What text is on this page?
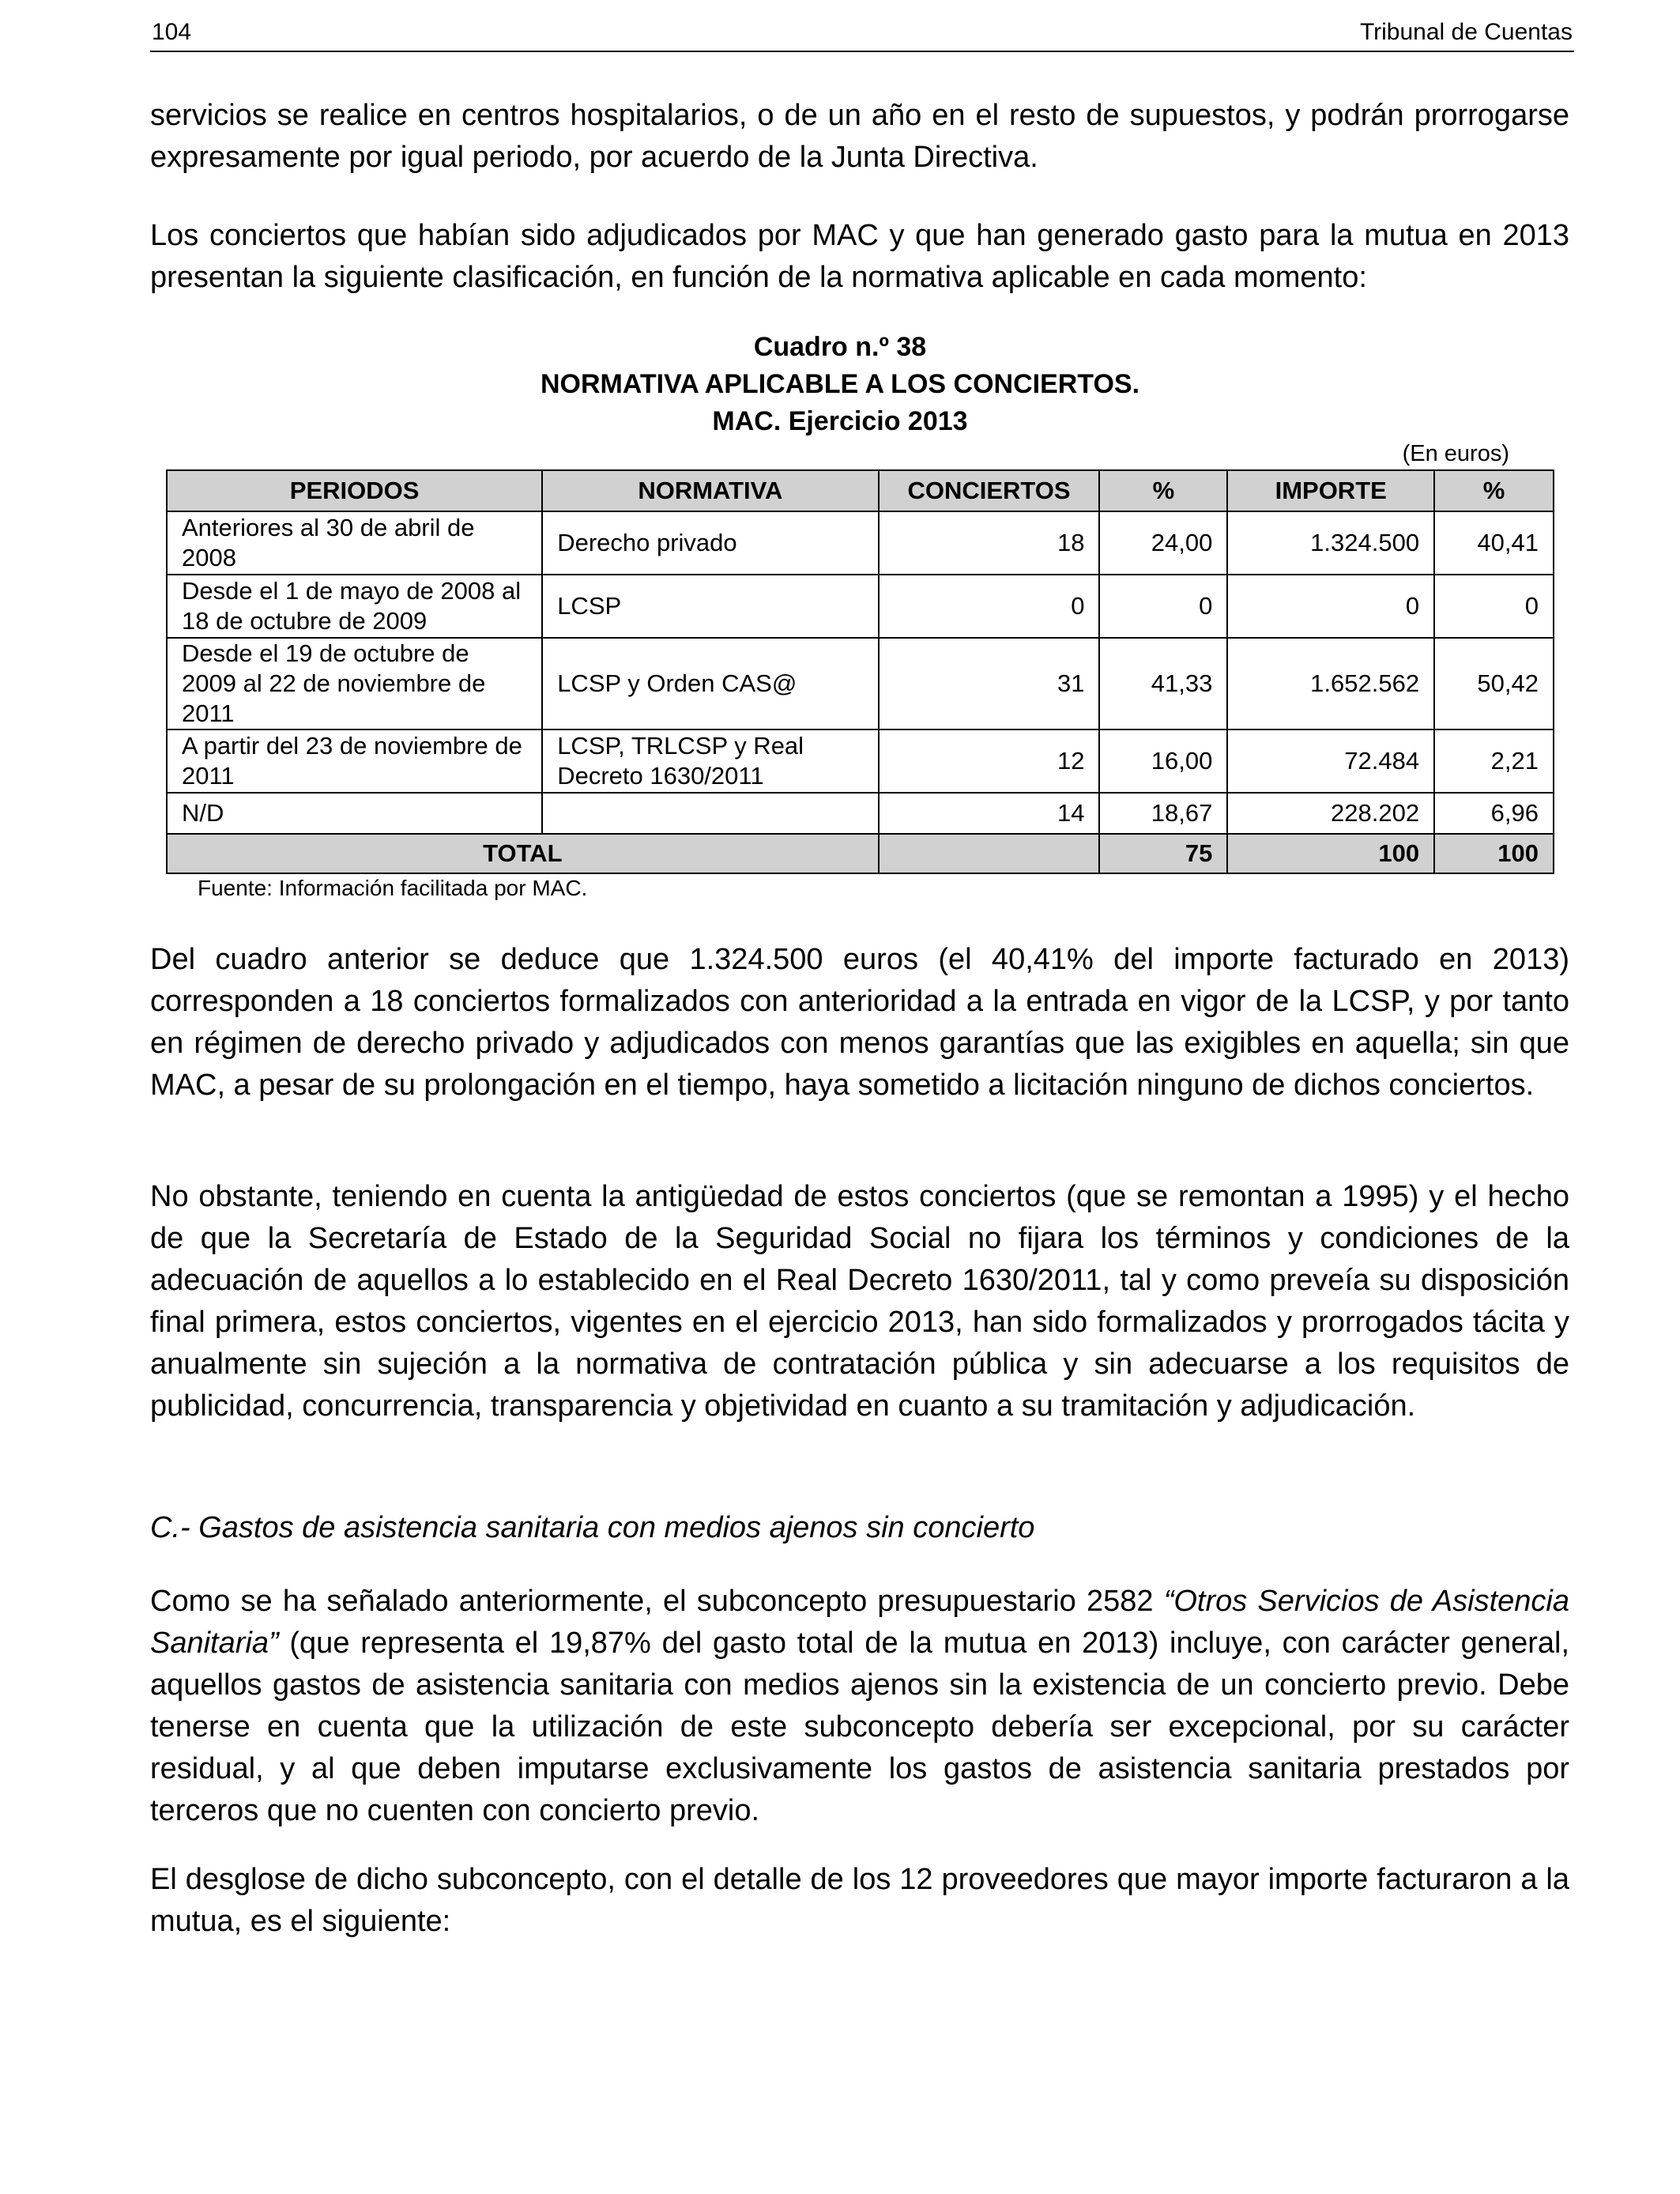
104	Tribunal de Cuentas

servicios se realice en centros hospitalarios, o de un año en el resto de supuestos, y podrán prorrogarse expresamente por igual periodo, por acuerdo de la Junta Directiva.

Los conciertos que habían sido adjudicados por MAC y que han generado gasto para la mutua en 2013 presentan la siguiente clasificación, en función de la normativa aplicable en cada momento:

Cuadro n.º 38
NORMATIVA APLICABLE A LOS CONCIERTOS.
MAC. Ejercicio 2013
(En euros)
PERIODOS	NORMATIVA	CONCIERTOS	%	IMPORTE	%
Anteriores al 30 de abril de 2008	Derecho privado	18	24,00	1.324.500	40,41
Desde el 1 de mayo de 2008 al 18 de octubre de 2009	LCSP	0	0	0	0
Desde el 19 de octubre de 2009 al 22 de noviembre de 2011	LCSP y Orden CAS@	31	41,33	1.652.562	50,42
A partir del 23 de noviembre de 2011	LCSP, TRLCSP y Real Decreto 1630/2011	12	16,00	72.484	2,21
N/D		14	18,67	228.202	6,96
TOTAL			75	100	100
Fuente: Información facilitada por MAC.

Del cuadro anterior se deduce que 1.324.500 euros (el 40,41% del importe facturado en 2013) corresponden a 18 conciertos formalizados con anterioridad a la entrada en vigor de la LCSP, y por tanto en régimen de derecho privado y adjudicados con menos garantías que las exigibles en aquella; sin que MAC, a pesar de su prolongación en el tiempo, haya sometido a licitación ninguno de dichos conciertos.

No obstante, teniendo en cuenta la antigüedad de estos conciertos (que se remontan a 1995) y el hecho de que la Secretaría de Estado de la Seguridad Social no fijara los términos y condiciones de la adecuación de aquellos a lo establecido en el Real Decreto 1630/2011, tal y como preveía su disposición final primera, estos conciertos, vigentes en el ejercicio 2013, han sido formalizados y prorrogados tácita y anualmente sin sujeción a la normativa de contratación pública y sin adecuarse a los requisitos de publicidad, concurrencia, transparencia y objetividad en cuanto a su tramitación y adjudicación.

C.- Gastos de asistencia sanitaria con medios ajenos sin concierto

Como se ha señalado anteriormente, el subconcepto presupuestario 2582 “Otros Servicios de Asistencia Sanitaria” (que representa el 19,87% del gasto total de la mutua en 2013) incluye, con carácter general, aquellos gastos de asistencia sanitaria con medios ajenos sin la existencia de un concierto previo. Debe tenerse en cuenta que la utilización de este subconcepto debería ser excepcional, por su carácter residual, y al que deben imputarse exclusivamente los gastos de asistencia sanitaria prestados por terceros que no cuenten con concierto previo.

El desglose de dicho subconcepto, con el detalle de los 12 proveedores que mayor importe facturaron a la mutua, es el siguiente:
